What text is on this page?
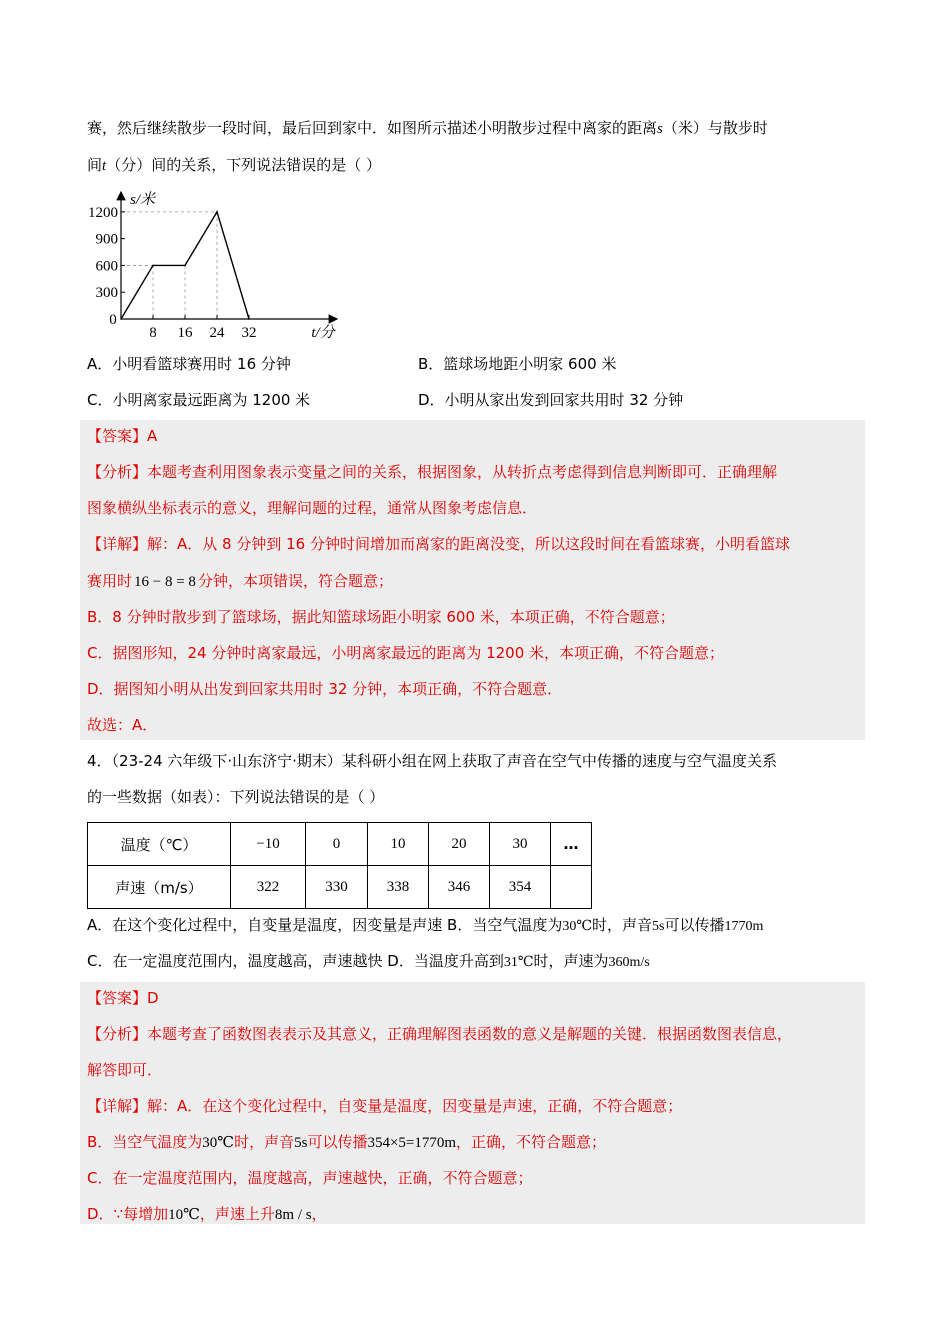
赛，然后继续散步一段时间，最后回到家中．如图所示描述小明散步过程中离家的距离s（米）与散步时
间t（分）间的关系，下列说法错误的是（ ）
300
600
900
1200
8 16 24 32
0
s/米
t/分
A．小明看篮球赛用时 16 分钟	B．篮球场地距小明家 600 米
C．小明离家最远距离为 1200 米	D．小明从家出发到回家共用时 32 分钟
【答案】A
【分析】本题考查利用图象表示变量之间的关系，根据图象，从转折点考虑得到信息判断即可．正确理解
图象横纵坐标表示的意义，理解问题的过程，通常从图象考虑信息．
【详解】解：A．从 8 分钟到 16 分钟时间增加而离家的距离没变，所以这段时间在看篮球赛，小明看篮球
赛用时 16 − 8 = 8 分钟，本项错误，符合题意；
B．8 分钟时散步到了篮球场，据此知篮球场距小明家 600 米，本项正确，不符合题意；
C．据图形知，24 分钟时离家最远，小明离家最远的距离为 1200 米，本项正确，不符合题意；
D．据图知小明从出发到回家共用时 32 分钟，本项正确，不符合题意．
故选：A．
4．（23-24 六年级下·山东济宁·期末）某科研小组在网上获取了声音在空气中传播的速度与空气温度关系
的一些数据（如表）：下列说法错误的是（ ）
温度（℃）	−10	0	10	20	30	…
声速（m/s）	322	330	338	346	354	
A．在这个变化过程中，自变量是温度，因变量是声速 B．当空气温度为30℃时，声音5s可以传播1770m
C．在一定温度范围内，温度越高，声速越快 D．当温度升高到31℃时，声速为360m/s
【答案】D
【分析】本题考查了函数图表表示及其意义，正确理解图表函数的意义是解题的关键．根据函数图表信息，
解答即可．
【详解】解：A．在这个变化过程中，自变量是温度，因变量是声速，正确，不符合题意；
B．当空气温度为30℃时，声音5s可以传播354×5=1770m，正确，不符合题意；
C．在一定温度范围内，温度越高，声速越快，正确，不符合题意；
D．∵每增加10℃，声速上升8m / s，
